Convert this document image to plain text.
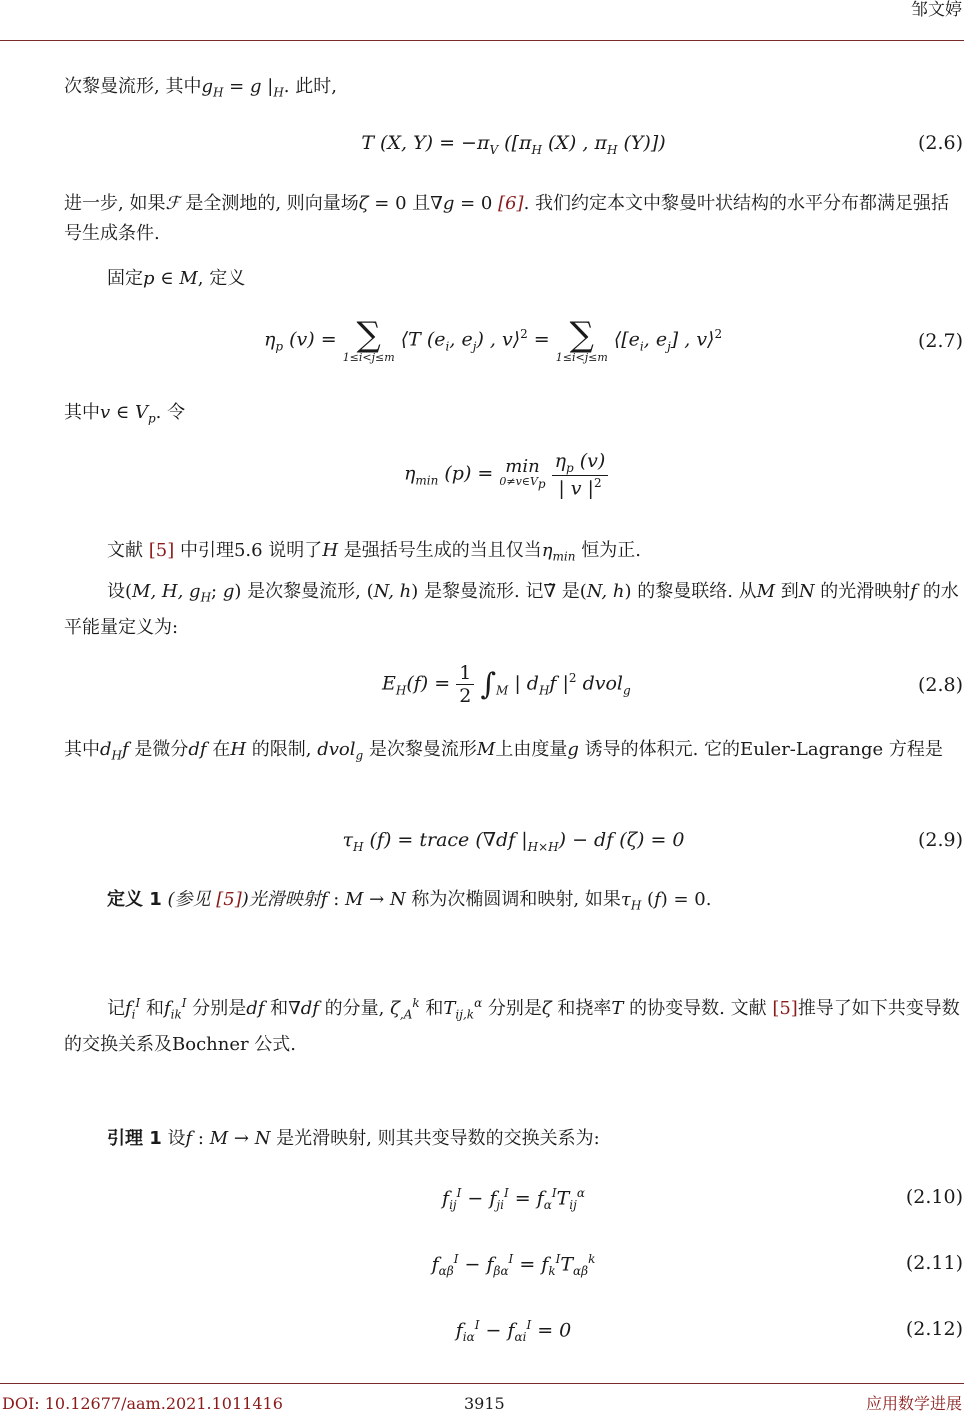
邹文婷
次黎曼流形, 其中$g_H = g$ $|_H$. 此时,
T (X, $Y) = -\pi_V$ ([$\pi_H$ (X) , $\pi_H$ (Y)])	(2.6)
进一步, 如果ℱ 是全测地的, 则向量场ζ = 0 且∇g = 0 [6]. 我们约定本文中黎曼叶状结构的水平分布都满足强括号生成条件.
固定p ∈ M, 定义
$\eta_p$ (v) = ∑
1≤i<j≤m
⟨T ($e_i$, $e_j$) , v⟩$^2$ = ∑
1≤i<j≤m
$⟨[e_i$, $e_j$] , v⟩$^2$	(2.7)
其中v ∈ $V_p$. 令
$\eta_{min}$ (p) = min
$0\ne v\in V_p$
$\frac{\eta_p (v)}{| v |^2}$
文献 [5] 中引理5.6 说明了H 是强括号生成的当且仅当$\eta_{min}$ 恒为正.
设(M, H, $g_H$; g) 是次黎曼流形, (N, h) 是黎曼流形. 记∇̃ 是(N, h) 的黎曼联络. 从M 到N 的光滑映射f 的水平能量定义为:
$E_H(f) = \frac{1}{2} \int_M$ | $d_Hf$ $|^2$ dvol$_g$	(2.8)
其中$d_Hf$ 是微分df 在H 的限制, dvol$_g$ 是次黎曼流形M上由度量g 诱导的体积元. 它的Euler-Lagrange 方程是
$\tau_H$ (f) = trace (∇df $|_{H\times H}$) − df (ζ) = 0	(2.9)
定义 1 (参见 [5])光滑映射f : M → N 称为次椭圆调和映射, 如果$\tau_H$ (f) = 0.
记$f_i^I$ 和$f_{ik}^I$ 分别是df 和∇df 的分量, $\zeta_{,A}^k$ 和$T_{ij,k}^\alpha$ 分别是ζ 和挠率T 的协变导数. 文献 [5]推导了如下共变导数的交换关系及Bochner 公式.
引理 1 设f : M → N 是光滑映射, 则其共变导数的交换关系为:
$f_{ij}^I - f_{ji}^I = f_\alpha^IT_{ij}^\alpha$	(2.10)
$f_{\alpha\beta}^I - f_{\beta\alpha}^I = f_k^IT_{\alpha\beta}^k$	(2.11)
$f_{i\alpha}^I - f_{\alpha i}^I = 0$	(2.12)
DOI: 10.12677/aam.2021.1011416	3915	应用数学进展
